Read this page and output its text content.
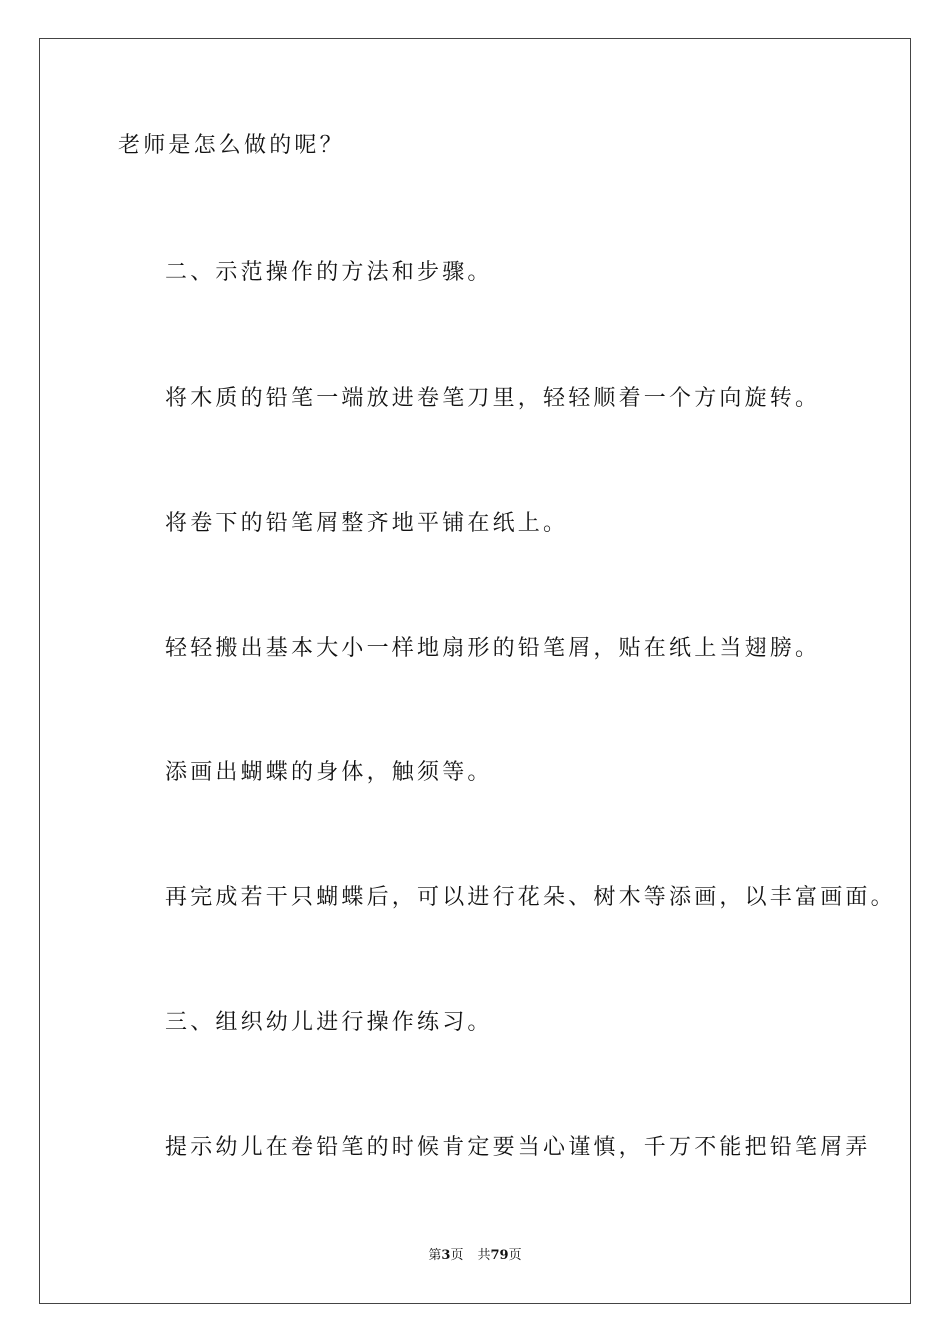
老师是怎么做的呢？

二、示范操作的方法和步骤。

将木质的铅笔一端放进卷笔刀里，轻轻顺着一个方向旋转。

将卷下的铅笔屑整齐地平铺在纸上。

轻轻搬出基本大小一样地扇形的铅笔屑，贴在纸上当翅膀。

添画出蝴蝶的身体，触须等。

再完成若干只蝴蝶后，可以进行花朵、树木等添画，以丰富画面。

三、组织幼儿进行操作练习。

提示幼儿在卷铅笔的时候肯定要当心谨慎，千万不能把铅笔屑弄

第3页 共79页
